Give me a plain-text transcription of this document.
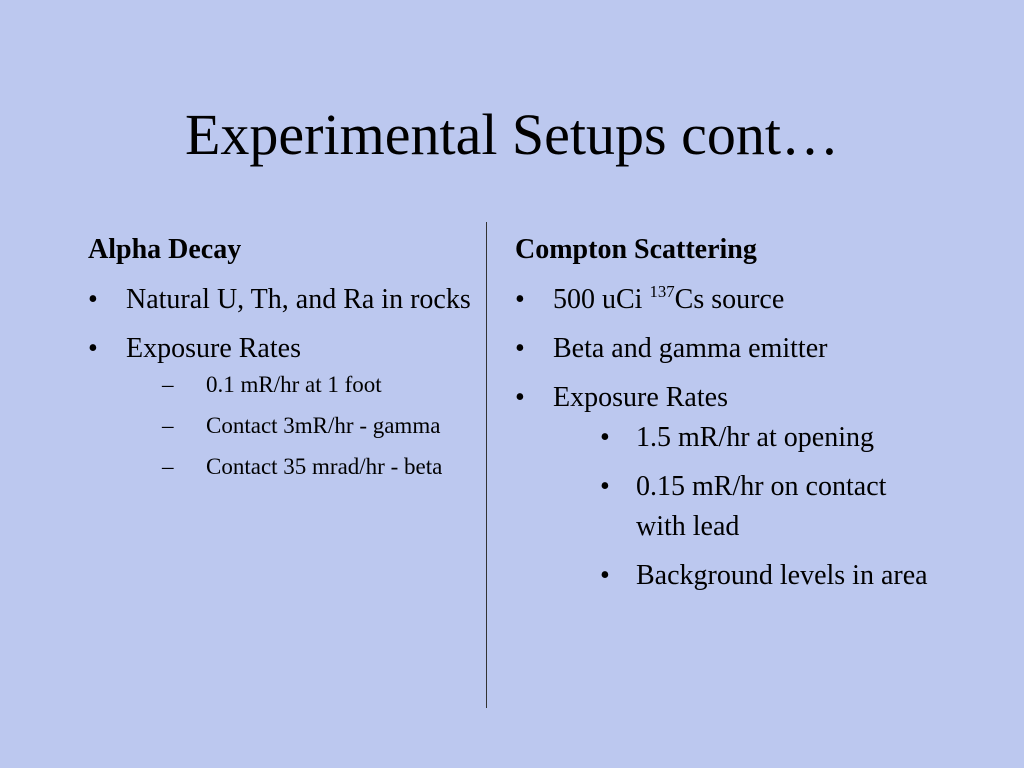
Experimental Setups cont…
Alpha Decay
• Natural U, Th, and Ra in rocks
• Exposure Rates
– 0.1 mR/hr at 1 foot
– Contact 3mR/hr - gamma
– Contact 35 mrad/hr - beta
Compton Scattering
• 500 uCi $^{137}$Cs source
• Beta and gamma emitter
• Exposure Rates
• 1.5 mR/hr at opening
• 0.15 mR/hr on contact with lead
• Background levels in area
